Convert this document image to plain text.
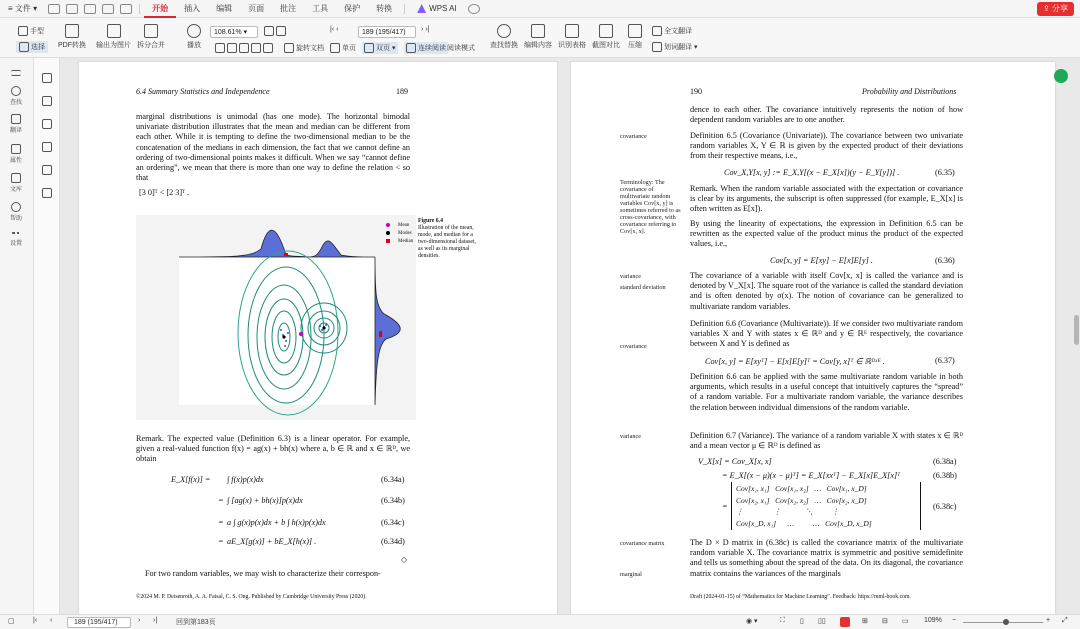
≡ 文件 ▾	开始	插入	编辑	页面	批注	工具	保护	转换	WPS AI	⇪ 分享
手型
选择 PDF转换 输出为图片 拆分合并	播放
108.61% ▾	|‹ ‹	189 (195/417)	› ›|
旋转文档	单页	双页 ▾	连续阅读 阅读模式 查找替换 编辑内容 识别表格 截图对比 压缩
全文翻译
划词翻译 ▾
查找
翻译
属性
文库
帮助
设置
6.4 Summary Statistics and Independence	189
marginal distributions is unimodal (has one mode). The horizontal bimodal univariate distribution illustrates that the mean and median can be different from each other. While it is tempting to define the two-dimensional median to be the concatenation of the medians in each dimension, the fact that we cannot define an ordering of two-dimensional points makes it difficult. When we say “cannot define an ordering”, we mean that there is more than one way to define the relation < so that
[3 0]ᵀ < [2 3]ᵀ .
Mean
Modes
Median
Figure 6.4
Illustration of the mean, mode, and median for a two-dimensional dataset, as well as its marginal densities.
Remark. The expected value (Definition 6.3) is a linear operator. For example, given a real-valued function f(x) = ag(x) + bh(x) where a, b ∈ ℝ and x ∈ ℝᴰ, we obtain
E_X[f(x)] = ∫ f(x)p(x)dx	(6.34a)
= ∫ [ag(x) + bh(x)]p(x)dx	(6.34b)
= a ∫ g(x)p(x)dx + b ∫ h(x)p(x)dx	(6.34c)
= aE_X[g(x)] + bE_X[h(x)] .	(6.34d)
◇
For two random variables, we may wish to characterize their correspon-
©2024 M. P. Deisenroth, A. A. Faisal, C. S. Ong. Published by Cambridge University Press (2020).
190	Probability and Distributions
dence to each other. The covariance intuitively represents the notion of how dependent random variables are to one another.
covariance	Definition 6.5 (Covariance (Univariate)). The covariance between two univariate random variables X, Y ∈ ℝ is given by the expected product of their deviations from their respective means, i.e.,
Cov_X,Y[x, y] := E_X,Y[(x − E_X[x])(y − E_Y[y])] .	(6.35)
Terminology: The covariance of multivariate random variables Cov[x, y] is sometimes referred to as cross-covariance, with covariance referring to Cov[x, x].
Remark. When the random variable associated with the expectation or covariance is clear by its arguments, the subscript is often suppressed (for example, E_X[x] is often written as E[x]).
By using the linearity of expectations, the expression in Definition 6.5 can be rewritten as the expected value of the product minus the product of the expected values, i.e.,
Cov[x, y] = E[xy] − E[x]E[y] .	(6.36)
variance
standard deviation
The covariance of a variable with itself Cov[x, x] is called the variance and is denoted by V_X[x]. The square root of the variance is called the standard deviation and is often denoted by σ(x). The notion of covariance can be generalized to multivariate random variables.
covariance
Definition 6.6 (Covariance (Multivariate)). If we consider two multivariate random variables X and Y with states x ∈ ℝᴰ and y ∈ ℝᴱ respectively, the covariance between X and Y is defined as
Cov[x, y] = E[xyᵀ] − E[x]E[y]ᵀ = Cov[y, x]ᵀ ∈ ℝᴰˣᴱ .	(6.37)
Definition 6.6 can be applied with the same multivariate random variable in both arguments, which results in a useful concept that intuitively captures the “spread” of a random variable. For a multivariate random variable, the variance describes the relation between individual dimensions of the random variable.
variance	Definition 6.7 (Variance). The variance of a random variable X with states x ∈ ℝᴰ and a mean vector μ ∈ ℝᴰ is defined as
V_X[x] = Cov_X[x, x]	(6.38a)
= E_X[(x − μ)(x − μ)ᵀ] = E_X[xxᵀ] − E_X[x]E_X[x]ᵀ	(6.38b)
Cov[x₁, x₁]   Cov[x₁, x₂]   …   Cov[x₁, x_D]
Cov[x₂, x₁]   Cov[x₂, x₂]   …   Cov[x₂, x_D]
⋮                ⋮             ⋱          ⋮
Cov[x_D, x₁]      …          …   Cov[x_D, x_D]
=	(6.38c)
covariance matrix	The D × D matrix in (6.38c) is called the covariance matrix of the multivariate random variable X. The covariance matrix is symmetric and positive semidefinite and tells us something about the spread of the data. On its diagonal, the covariance matrix contains the variances of the marginals
marginal
Draft (2024-01-15) of “Mathematics for Machine Learning”. Feedback: https://mml-book.com.
▢	|‹ ‹	189 (195/417)	› ›|	回到第183页	◉ ▾	⛶ ▯ ▯▯	⊞ ⊟ ▭ 109% −	+ ⤢
